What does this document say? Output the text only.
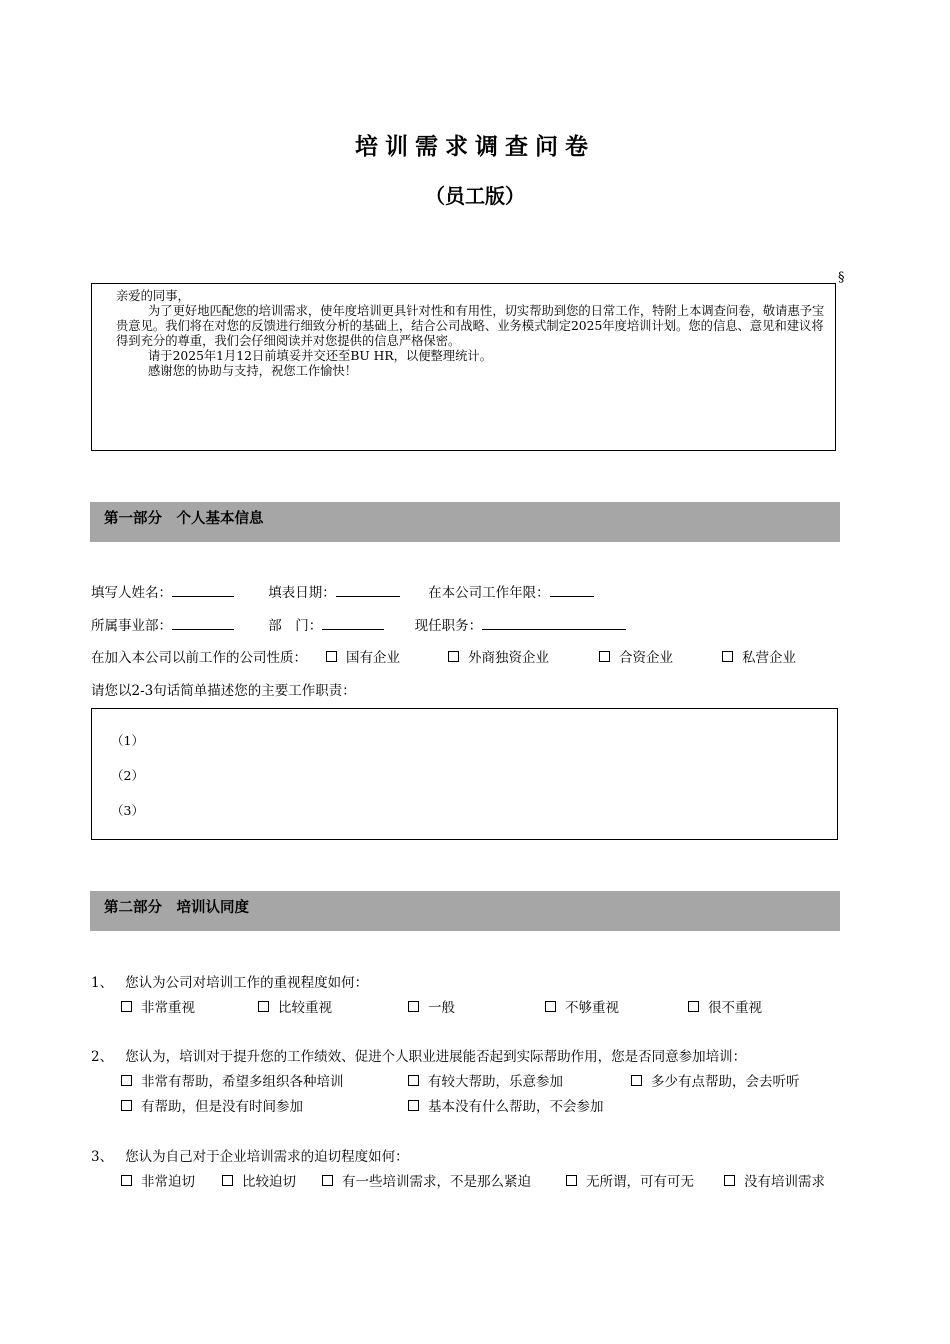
培训需求调查问卷
（员工版）
§

亲爱的同事，

为了更好地匹配您的培训需求，使年度培训更具针对性和有用性，切实帮助到您的日常工作，特附上本调查问卷，敬请惠予宝贵意见。我们将在对您的反馈进行细致分析的基础上，结合公司战略、业务模式制定2025年度培训计划。您的信息、意见和建议将得到充分的尊重，我们会仔细阅读并对您提供的信息严格保密。

请于2025年1月12日前填妥并交还至BU HR，以便整理统计。

感谢您的协助与支持，祝您工作愉快！

第一部分　个人基本信息
填写人姓名：	填表日期：	在本公司工作年限：
所属事业部：	部　门：	现任职务：
在加入本公司以前工作的公司性质：	国有企业	外商独资企业	合资企业	私营企业
请您以2-3句话简单描述您的主要工作职责：
（1）
（2）
（3）
第二部分　培训认同度
1、 您认为公司对培训工作的重视程度如何：
非常重视	比较重视	一般	不够重视	很不重视
2、 您认为，培训对于提升您的工作绩效、促进个人职业进展能否起到实际帮助作用，您是否同意参加培训：
非常有帮助，希望多组织各种培训	有较大帮助，乐意参加	多少有点帮助，会去听听
有帮助，但是没有时间参加	基本没有什么帮助，不会参加
3、 您认为自己对于企业培训需求的迫切程度如何：
非常迫切	比较迫切	有一些培训需求，不是那么紧迫	无所谓，可有可无	没有培训需求
